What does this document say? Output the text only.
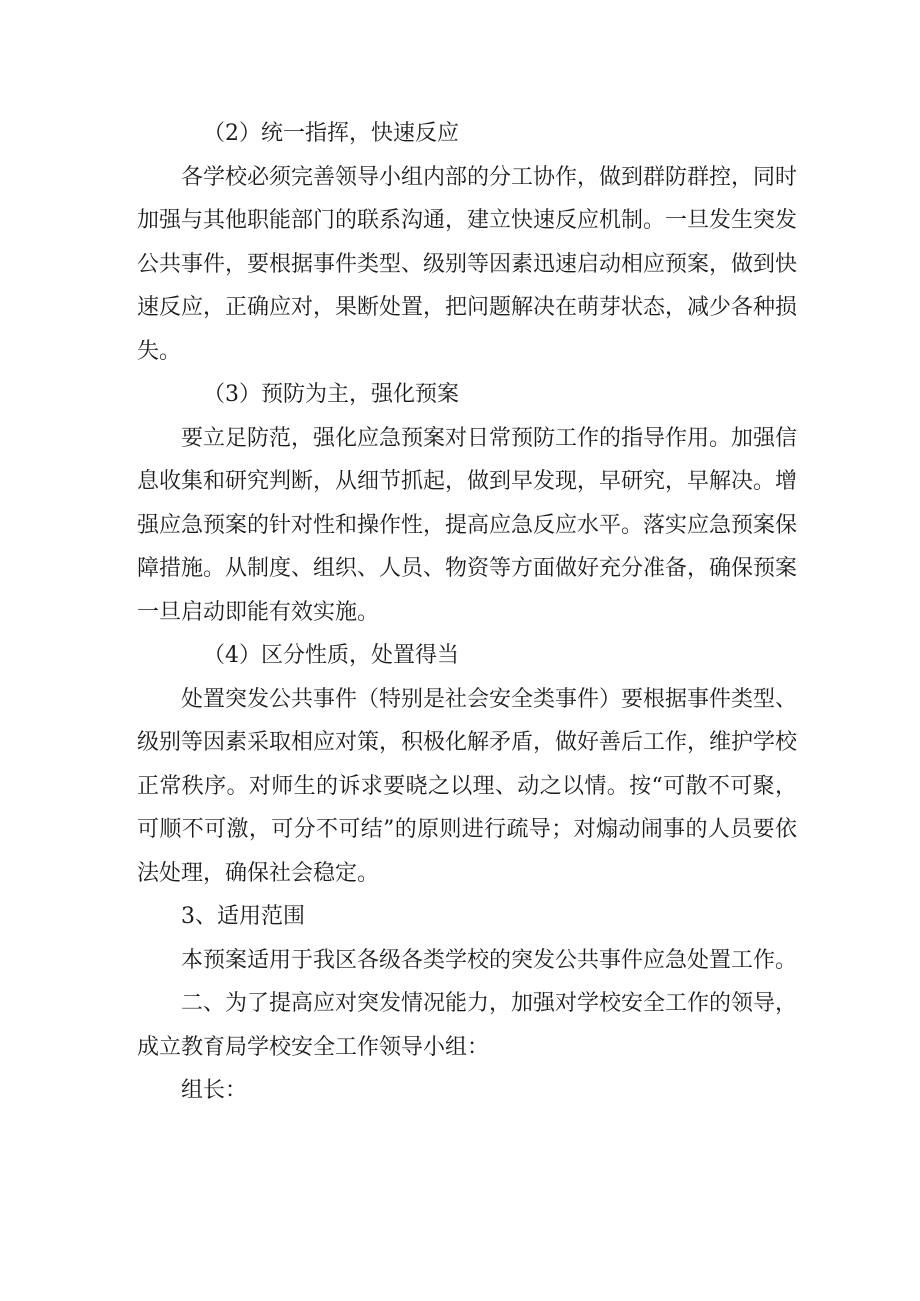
（2）统一指挥，快速反应

各学校必须完善领导小组内部的分工协作，做到群防群控，同时加强与其他职能部门的联系沟通，建立快速反应机制。一旦发生突发公共事件，要根据事件类型、级别等因素迅速启动相应预案，做到快速反应，正确应对，果断处置，把问题解决在萌芽状态，减少各种损失。

（3）预防为主，强化预案

要立足防范，强化应急预案对日常预防工作的指导作用。加强信息收集和研究判断，从细节抓起，做到早发现，早研究，早解决。增强应急预案的针对性和操作性，提高应急反应水平。落实应急预案保障措施。从制度、组织、人员、物资等方面做好充分准备，确保预案一旦启动即能有效实施。

（4）区分性质，处置得当

处置突发公共事件（特别是社会安全类事件）要根据事件类型、级别等因素采取相应对策，积极化解矛盾，做好善后工作，维护学校正常秩序。对师生的诉求要晓之以理、动之以情。按“可散不可聚，可顺不可激，可分不可结”的原则进行疏导；对煽动闹事的人员要依法处理，确保社会稳定。

3、适用范围

本预案适用于我区各级各类学校的突发公共事件应急处置工作。

二、为了提高应对突发情况能力，加强对学校安全工作的领导，成立教育局学校安全工作领导小组：

组长：
